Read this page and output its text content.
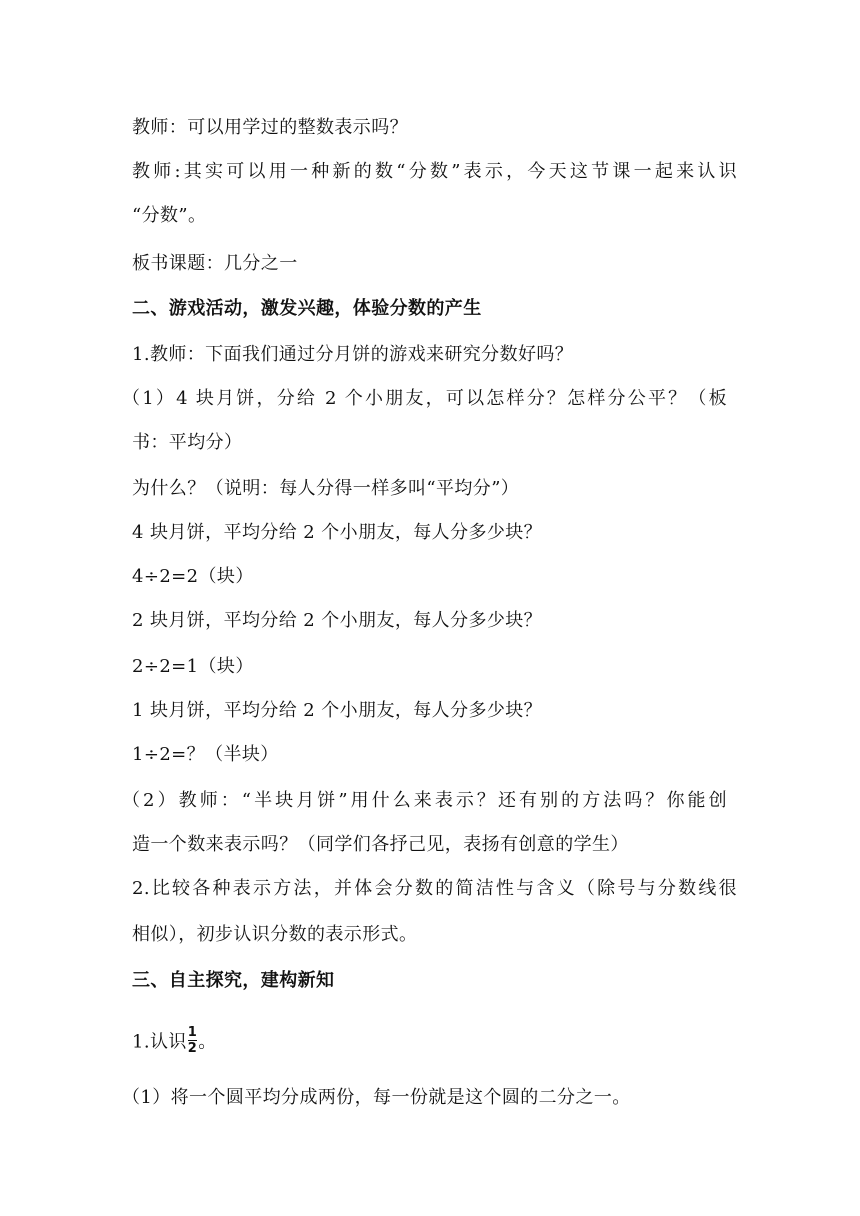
教师：可以用学过的整数表示吗？
教师:其实可以用一种新的数“分数”表示，今天这节课一起来认识
“分数”。
板书课题：几分之一
二、游戏活动，激发兴趣，体验分数的产生
1.教师：下面我们通过分月饼的游戏来研究分数好吗？
（1）4 块月饼，分给 2 个小朋友，可以怎样分？怎样分公平？（板
书：平均分）
为什么？（说明：每人分得一样多叫“平均分”）
4 块月饼，平均分给 2 个小朋友，每人分多少块？
4÷2=2（块）
2 块月饼，平均分给 2 个小朋友，每人分多少块？
2÷2=1（块）
1 块月饼，平均分给 2 个小朋友，每人分多少块？
1÷2=？（半块）
（2）教师：“半块月饼”用什么来表示？还有别的方法吗？你能创
造一个数来表示吗？（同学们各抒己见，表扬有创意的学生）
2.比较各种表示方法，并体会分数的简洁性与含义（除号与分数线很
相似），初步认识分数的表示形式。
三、自主探究，建构新知
1.认识 $\frac{1}{2}$ 。
（1）将一个圆平均分成两份，每一份就是这个圆的二分之一。
